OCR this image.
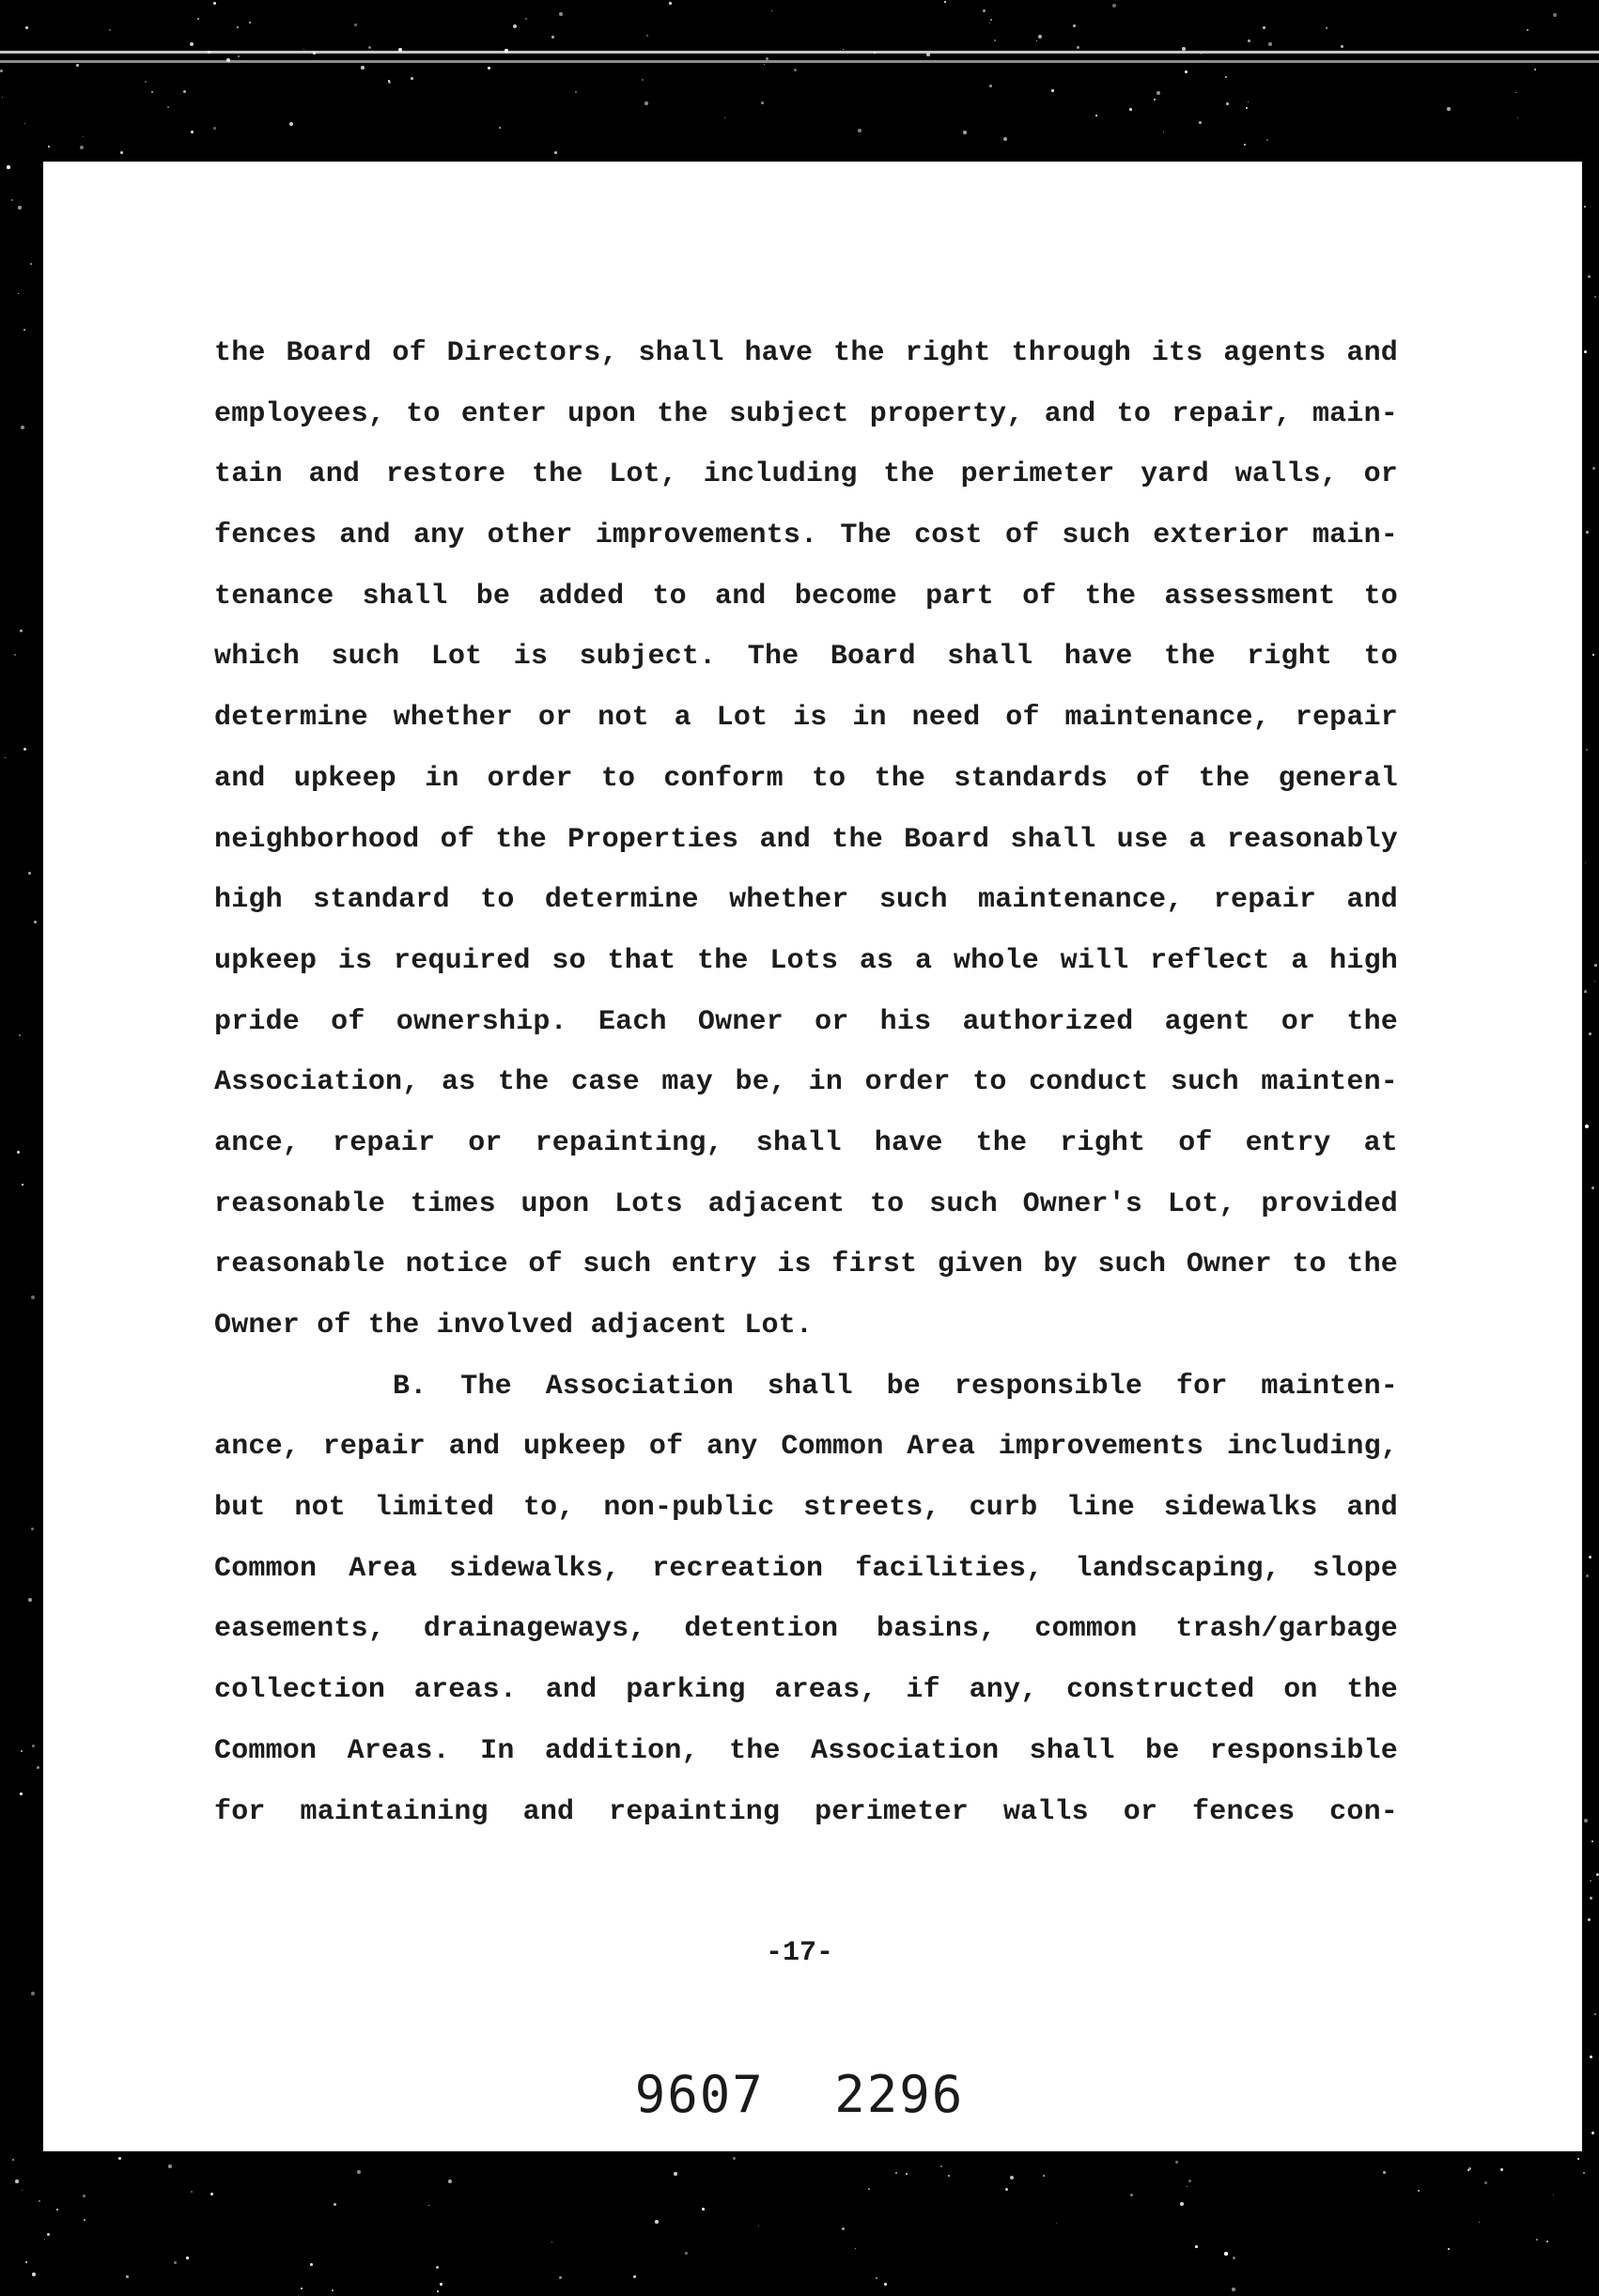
the Board of Directors, shall have the right through its agents and
employees, to enter upon the subject property, and to repair, main-
tain and restore the Lot, including the perimeter yard walls, or
fences and any other improvements. The cost of such exterior main-
tenance shall be added to and become part of the assessment to
which such Lot is subject. The Board shall have the right to
determine whether or not a Lot is in need of maintenance, repair
and upkeep in order to conform to the standards of the general
neighborhood of the Properties and the Board shall use a reasonably
high standard to determine whether such maintenance, repair and
upkeep is required so that the Lots as a whole will reflect a high
pride of ownership. Each Owner or his authorized agent or the
Association, as the case may be, in order to conduct such mainten-
ance, repair or repainting, shall have the right of entry at
reasonable times upon Lots adjacent to such Owner's Lot, provided
reasonable notice of such entry is first given by such Owner to the
Owner of the involved adjacent Lot.
B. The Association shall be responsible for mainten-
ance, repair and upkeep of any Common Area improvements including,
but not limited to, non-public streets, curb line sidewalks and
Common Area sidewalks, recreation facilities, landscaping, slope
easements, drainageways, detention basins, common trash/garbage
collection areas. and parking areas, if any, constructed on the
Common Areas. In addition, the Association shall be responsible
for maintaining and repainting perimeter walls or fences con-
-17-
9607 2296
